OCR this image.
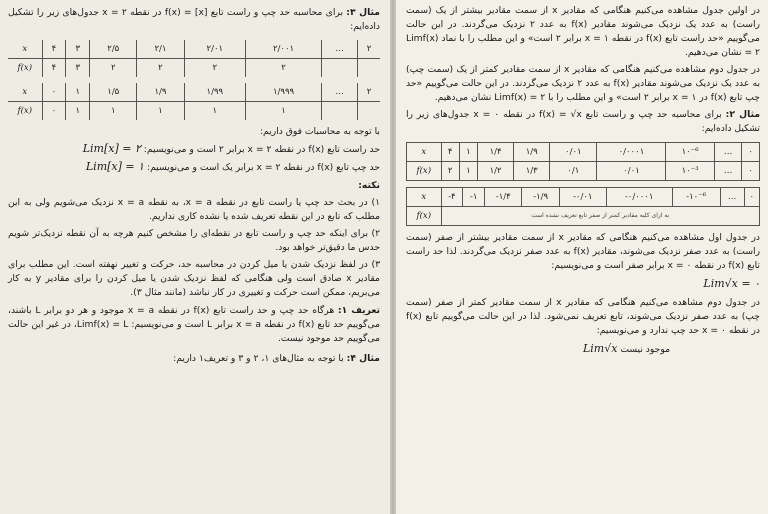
در اولین جدول مشاهده می‌کنیم هنگامی که مقادیر x از سمت مقادیر بیشتر از یک (سمت راست) به عدد یک نزدیک می‌شوند مقادیر f(x) به عدد ۲ نزدیک می‌گردند. در این حالت می‌گوییم «حد راست تابع f(x) در نقطه ۱ = x برابر ۲ است» و این مطلب را با نماد Limf(x) = ۲ نشان می‌دهیم.

در جدول دوم مشاهده می‌کنیم هنگامی که مقادیر x از سمت مقادیر کمتر از یک (سمت چپ) به عدد یک نزدیک می‌شوند مقادیر f(x) به عدد ۲ نزدیک می‌گردند. در این حالت می‌گوییم «حد چپ تابع f(x) در ۱ = x برابر ۲ است» و این مطلب را با Limf(x) = ۲ نشان می‌دهیم.

مثال ۲: برای محاسبه حد چپ و راست تابع f(x) = √x در نقطه ۰ = x جدول‌های زیر را تشکیل داده‌ایم:

x	۴	۱	۱/۴	۱/۹	۰/۰۱	۰/۰۰۰۱	۱۰⁻⁶	…	۰
f(x)	۲	۱	۱/۲	۱/۳	۰/۱	۰/۰۱	۱۰⁻³	…	۰
x	-۴	-۱	-۱/۴	-۱/۹	-۰/۰۱	-۰/۰۰۰۱	-۱۰⁻⁶	…	۰
f(x)	به ازای کلیه مقادیر کمتر از صفر تابع تعریف نشده است								

در جدول اول مشاهده می‌کنیم هنگامی که مقادیر x از سمت مقادیر بیشتر از صفر (سمت راست) به عدد صفر نزدیک می‌شوند، مقادیر f(x) به عدد صفر نزدیک می‌گردند. لذا حد راست تابع f(x) در نقطه ۰ = x برابر صفر است و می‌نویسیم:

Lim√x = ۰

در جدول دوم مشاهده می‌کنیم هنگامی که مقادیر x از سمت مقادیر کمتر از صفر (سمت چپ) به عدد صفر نزدیک می‌شوند، تابع تعریف نمی‌شود. لذا در این حالت می‌گوییم تابع f(x) در نقطه ۰ = x حد چپ ندارد و می‌نویسیم:

موجود نیست Lim√x

مثال ۳: برای محاسبه حد چپ و راست تابع f(x) = [x] در نقطه ۲ = x جدول‌های زیر را تشکیل داده‌ایم:

x	۴	۳	۲/۵	۲/۱	۲/۰۱	۲/۰۰۱	…	۲
f(x)	۴	۳	۲	۲	۲	۲		
x	۰	۱	۱/۵	۱/۹	۱/۹۹	۱/۹۹۹	…	۲
f(x)	۰	۱	۱	۱	۱	۱		

با توجه به محاسبات فوق داریم:

حد راست تابع f(x) در نقطه ۲ = x برابر ۲ است و می‌نویسیم: Lim[x] = ۲

حد چپ تابع f(x) در نقطه ۲ = x برابر یک است و می‌نویسیم: Lim[x] = ۱

نکته:

۱) در بحث حد چپ یا راست تابع در نقطه x = a، به نقطه x = a نزدیک می‌شویم ولی به این مطلب که تابع در این نقطه تعریف شده یا نشده کاری نداریم.

۲) برای اینکه حد چپ و راست تابع در نقطه‌ای را مشخص کنیم هرچه به آن نقطه نزدیک‌تر شویم حدس ما دقیق‌تر خواهد بود.

۳) در لفظ نزدیک شدن یا میل کردن در محاسبه حد، حرکت و تغییر نهفته است. این مطلب برای مقادیر x صادق است ولی هنگامی که لفظ نزدیک شدن یا میل کردن را برای مقادیر y به کار می‌بریم، ممکن است حرکت و تغییری در کار نباشد (مانند مثال ۳).

تعریف ۱: هرگاه حد چپ و حد راست تابع f(x) در نقطه x = a موجود و هر دو برابر L باشند، می‌گوییم حد تابع f(x) در نقطه x = a برابر L است و می‌نویسیم: Limf(x) = L، در غیر این حالت می‌گوییم حد موجود نیست.

مثال ۴: با توجه به مثال‌های ۱، ۲ و ۳ و تعریف۱ داریم:
